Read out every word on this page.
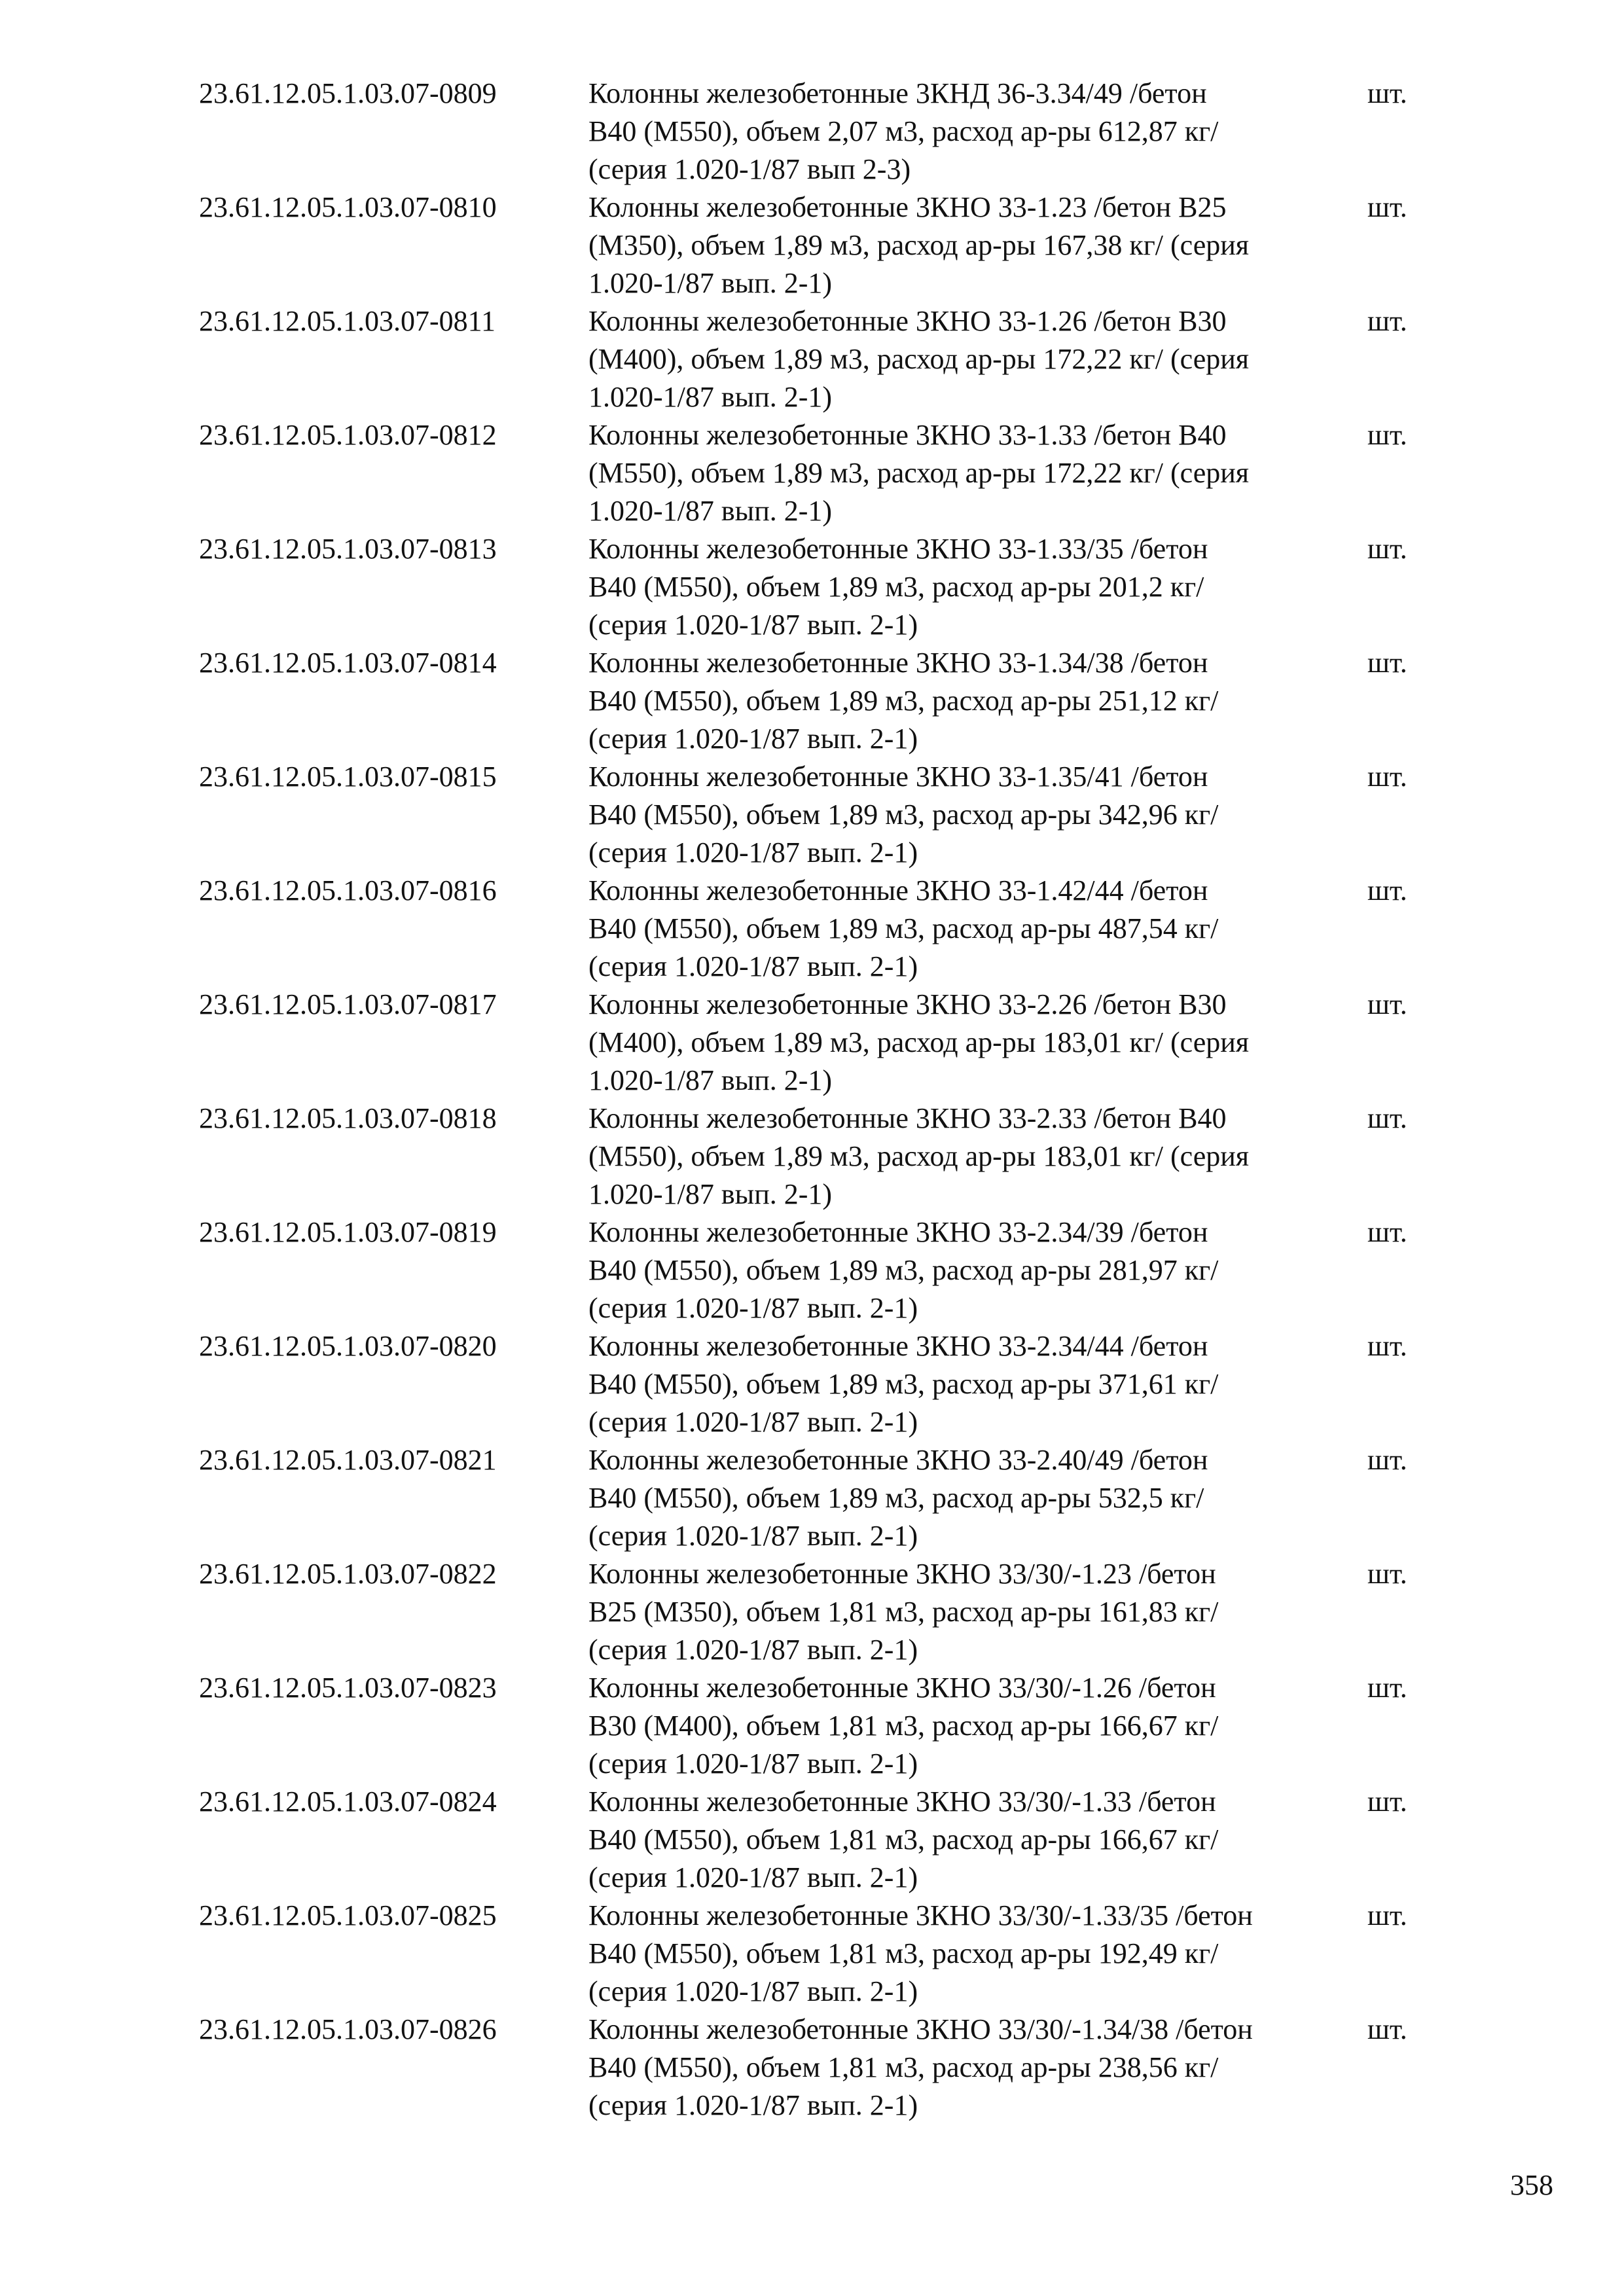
23.61.12.05.1.03.07-0809	Колонны железобетонные 3КНД 36-3.34/49 /бетон
В40 (М550), объем 2,07 м3, расход ар-ры 612,87 кг/
(серия 1.020-1/87 вып 2-3)
шт.
23.61.12.05.1.03.07-0810	Колонны железобетонные 3КНО 33-1.23 /бетон В25
(М350), объем 1,89 м3, расход ар-ры 167,38 кг/ (серия
1.020-1/87 вып. 2-1)
шт.
23.61.12.05.1.03.07-0811	Колонны железобетонные 3КНО 33-1.26 /бетон В30
(М400), объем 1,89 м3, расход ар-ры 172,22 кг/ (серия
1.020-1/87 вып. 2-1)
шт.
23.61.12.05.1.03.07-0812	Колонны железобетонные 3КНО 33-1.33 /бетон В40
(М550), объем 1,89 м3, расход ар-ры 172,22 кг/ (серия
1.020-1/87 вып. 2-1)
шт.
23.61.12.05.1.03.07-0813	Колонны железобетонные 3КНО 33-1.33/35 /бетон
В40 (М550), объем 1,89 м3, расход ар-ры 201,2 кг/
(серия 1.020-1/87 вып. 2-1)
шт.
23.61.12.05.1.03.07-0814	Колонны железобетонные 3КНО 33-1.34/38 /бетон
В40 (М550), объем 1,89 м3, расход ар-ры 251,12 кг/
(серия 1.020-1/87 вып. 2-1)
шт.
23.61.12.05.1.03.07-0815	Колонны железобетонные 3КНО 33-1.35/41 /бетон
В40 (М550), объем 1,89 м3, расход ар-ры 342,96 кг/
(серия 1.020-1/87 вып. 2-1)
шт.
23.61.12.05.1.03.07-0816	Колонны железобетонные 3КНО 33-1.42/44 /бетон
В40 (М550), объем 1,89 м3, расход ар-ры 487,54 кг/
(серия 1.020-1/87 вып. 2-1)
шт.
23.61.12.05.1.03.07-0817	Колонны железобетонные 3КНО 33-2.26 /бетон В30
(М400), объем 1,89 м3, расход ар-ры 183,01 кг/ (серия
1.020-1/87 вып. 2-1)
шт.
23.61.12.05.1.03.07-0818	Колонны железобетонные 3КНО 33-2.33 /бетон В40
(М550), объем 1,89 м3, расход ар-ры 183,01 кг/ (серия
1.020-1/87 вып. 2-1)
шт.
23.61.12.05.1.03.07-0819	Колонны железобетонные 3КНО 33-2.34/39 /бетон
В40 (М550), объем 1,89 м3, расход ар-ры 281,97 кг/
(серия 1.020-1/87 вып. 2-1)
шт.
23.61.12.05.1.03.07-0820	Колонны железобетонные 3КНО 33-2.34/44 /бетон
В40 (М550), объем 1,89 м3, расход ар-ры 371,61 кг/
(серия 1.020-1/87 вып. 2-1)
шт.
23.61.12.05.1.03.07-0821	Колонны железобетонные 3КНО 33-2.40/49 /бетон
В40 (М550), объем 1,89 м3, расход ар-ры 532,5 кг/
(серия 1.020-1/87 вып. 2-1)
шт.
23.61.12.05.1.03.07-0822	Колонны железобетонные 3КНО 33/30/-1.23 /бетон
В25 (М350), объем 1,81 м3, расход ар-ры 161,83 кг/
(серия 1.020-1/87 вып. 2-1)
шт.
23.61.12.05.1.03.07-0823	Колонны железобетонные 3КНО 33/30/-1.26 /бетон
В30 (М400), объем 1,81 м3, расход ар-ры 166,67 кг/
(серия 1.020-1/87 вып. 2-1)
шт.
23.61.12.05.1.03.07-0824	Колонны железобетонные 3КНО 33/30/-1.33 /бетон
В40 (М550), объем 1,81 м3, расход ар-ры 166,67 кг/
(серия 1.020-1/87 вып. 2-1)
шт.
23.61.12.05.1.03.07-0825	Колонны железобетонные 3КНО 33/30/-1.33/35 /бетон
В40 (М550), объем 1,81 м3, расход ар-ры 192,49 кг/
(серия 1.020-1/87 вып. 2-1)
шт.
23.61.12.05.1.03.07-0826	Колонны железобетонные 3КНО 33/30/-1.34/38 /бетон
В40 (М550), объем 1,81 м3, расход ар-ры 238,56 кг/
(серия 1.020-1/87 вып. 2-1)
шт.
358
